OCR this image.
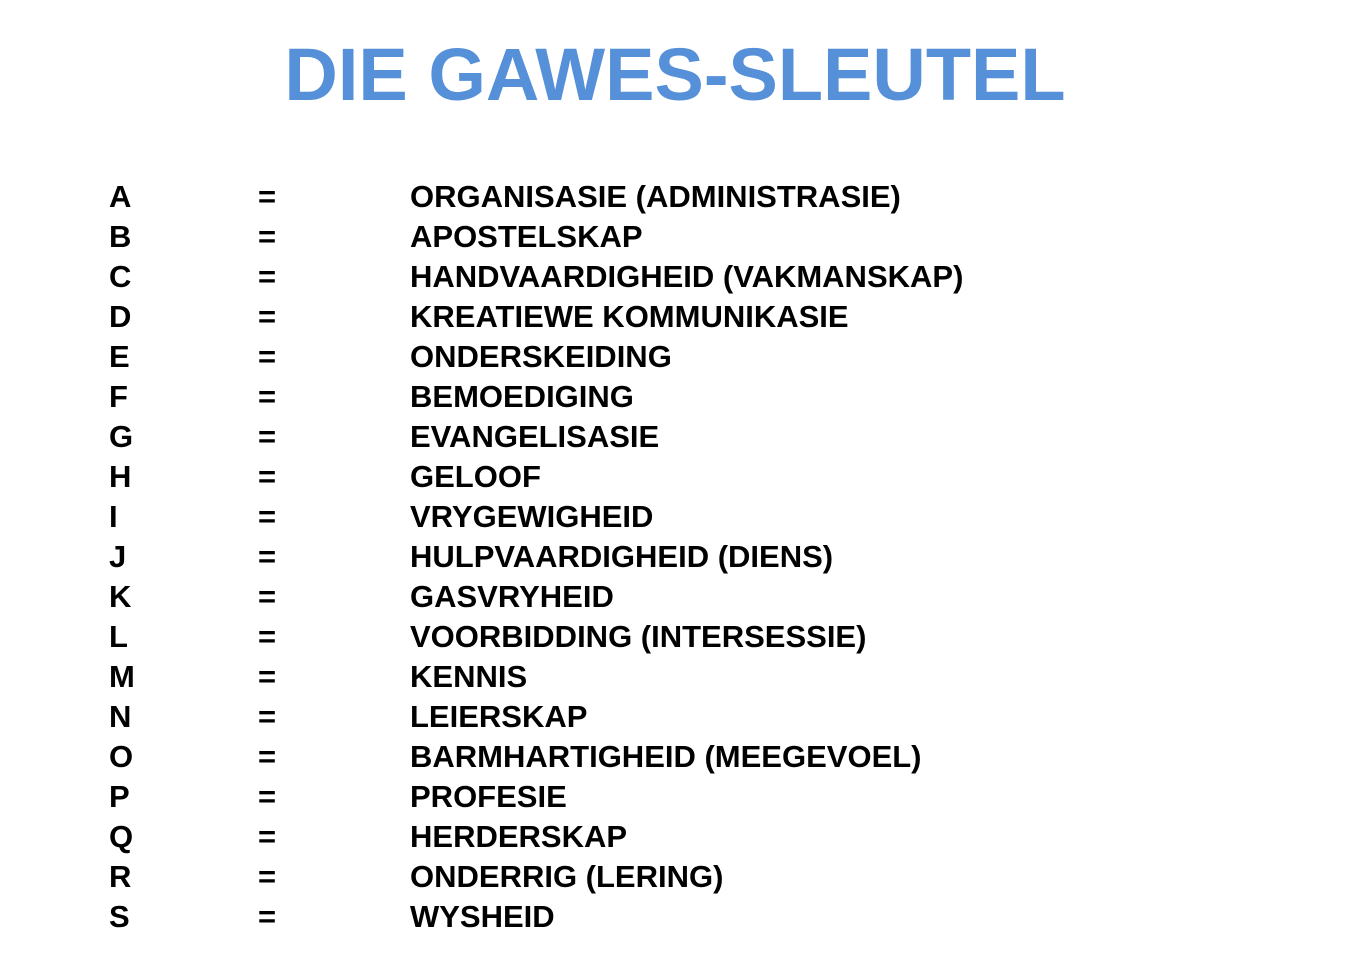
DIE GAWES-SLEUTEL
A	=	ORGANISASIE (ADMINISTRASIE)
B	=	APOSTELSKAP
C	=	HANDVAARDIGHEID (VAKMANSKAP)
D	=	KREATIEWE KOMMUNIKASIE
E	=	ONDERSKEIDING
F	=	BEMOEDIGING
G	=	EVANGELISASIE
H	=	GELOOF
I	=	VRYGEWIGHEID
J	=	HULPVAARDIGHEID (DIENS)
K	=	GASVRYHEID
L	=	VOORBIDDING (INTERSESSIE)
M	=	KENNIS
N	=	LEIERSKAP
O	=	BARMHARTIGHEID (MEEGEVOEL)
P	=	PROFESIE
Q	=	HERDERSKAP
R	=	ONDERRIG (LERING)
S	=	WYSHEID
